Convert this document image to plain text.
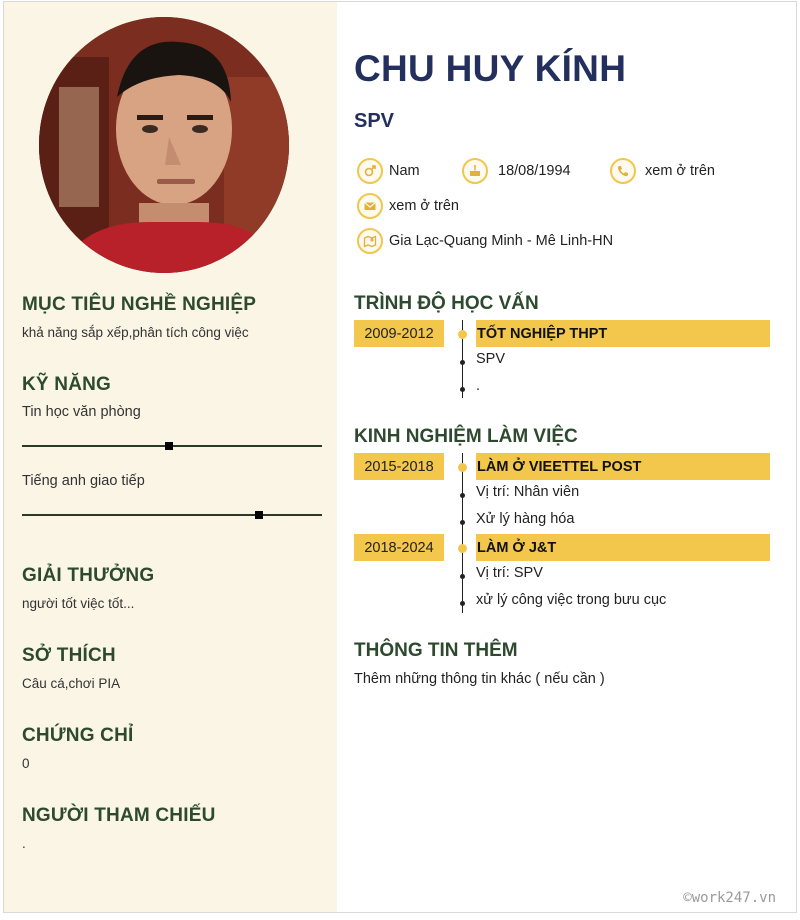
MỤC TIÊU NGHỀ NGHIỆP
khả năng sắp xếp,phân tích công việc
KỸ NĂNG
Tin học văn phòng
Tiếng anh giao tiếp
GIẢI THƯỞNG
người tốt việc tốt...
SỞ THÍCH
Câu cá,chơi PIA
CHỨNG CHỈ
0
NGƯỜI THAM CHIẾU
.
CHU HUY KÍNH
SPV
Nam	18/08/1994	xem ở trên
xem ở trên
Gia Lạc-Quang Minh - Mê Linh-HN
TRÌNH ĐỘ HỌC VẤN
2009-2012	TỐT NGHIỆP THPT
SPV
.
KINH NGHIỆM LÀM VIỆC
2015-2018	LÀM Ở VIEETTEL POST
Vị trí: Nhân viên
Xử lý hàng hóa
2018-2024	LÀM Ở J&T
Vị trí: SPV
xử lý công việc trong bưu cục
THÔNG TIN THÊM
Thêm những thông tin khác ( nếu cần )
©work247.vn
